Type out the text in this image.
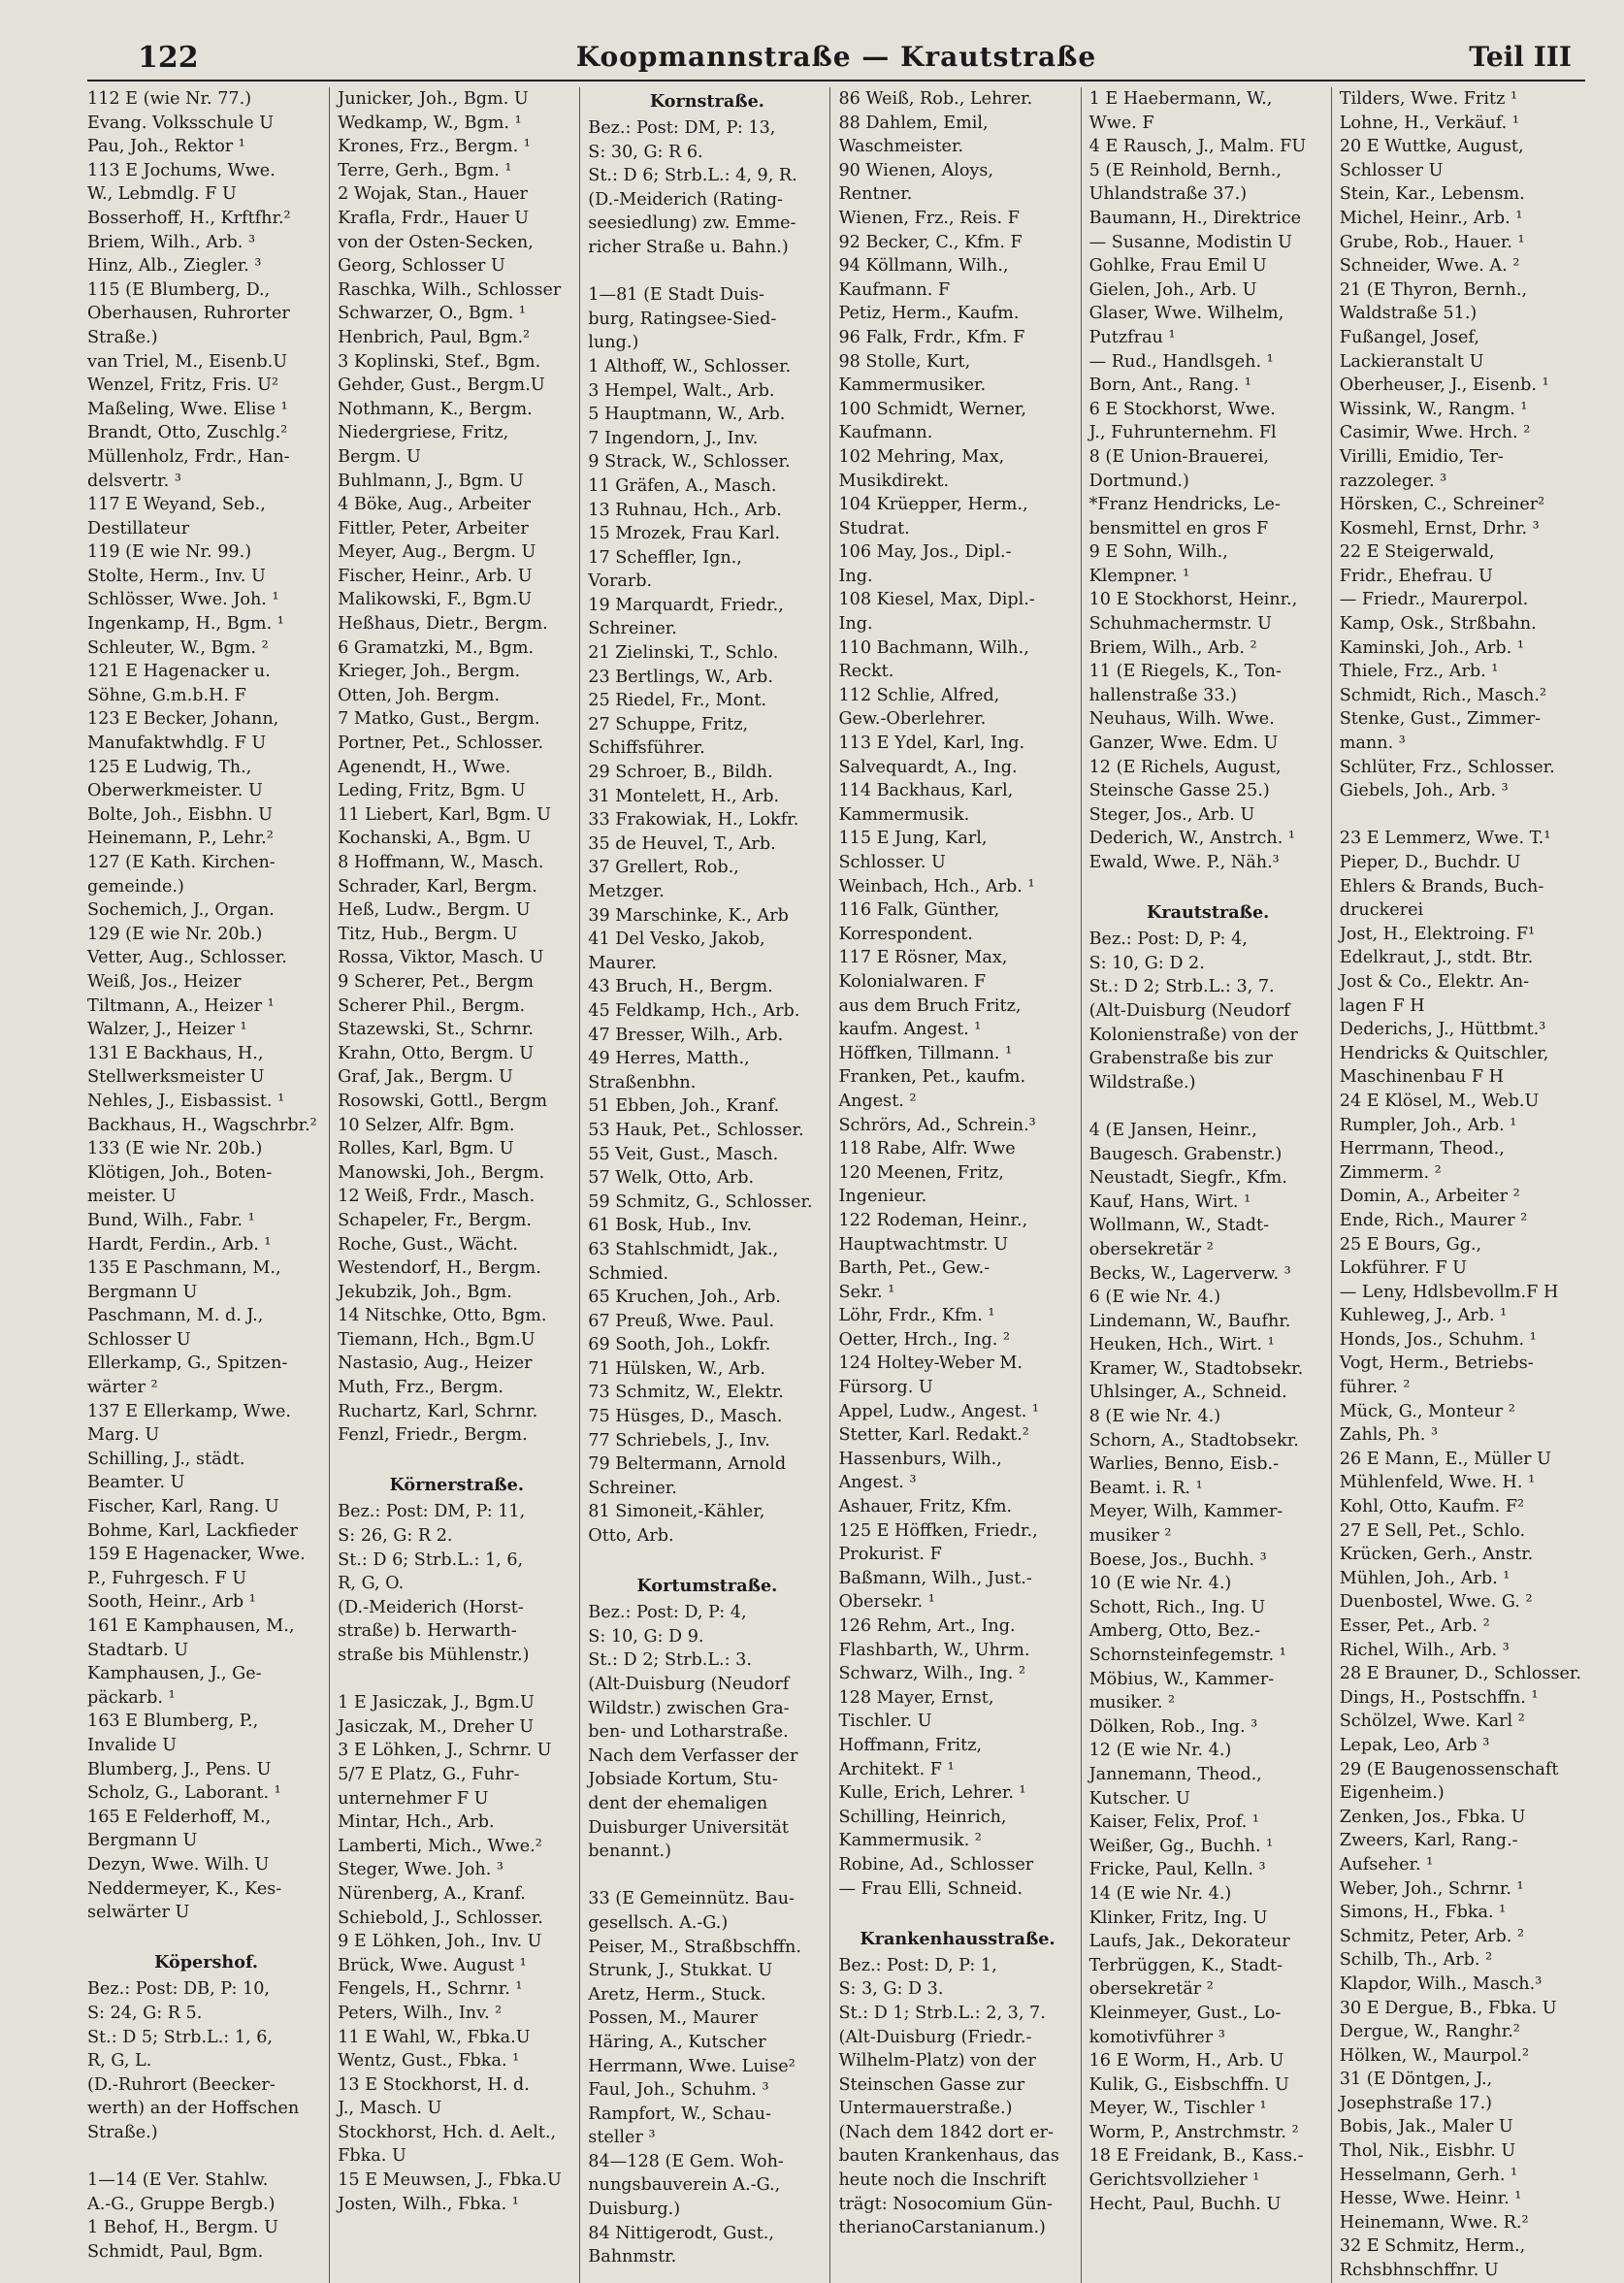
122	Koopmannstraße — Krautstraße	Teil III
112 E (wie Nr. 77.)
Evang. Volksschule U
Pau, Joh., Rektor ¹
113 E Jochums, Wwe.
W., Lebmdlg. F U
Bosserhoff, H., Krftfhr.²
Briem, Wilh., Arb. ³
Hinz, Alb., Ziegler. ³
115 (E Blumberg, D.,
Oberhausen, Ruhrorter
Straße.)
van Triel, M., Eisenb.U
Wenzel, Fritz, Fris. U²
Maßeling, Wwe. Elise ¹
Brandt, Otto, Zuschlg.²
Müllenholz, Frdr., Han-
delsvertr. ³
117 E Weyand, Seb.,
Destillateur
119 (E wie Nr. 99.)
Stolte, Herm., Inv. U
Schlösser, Wwe. Joh. ¹
Ingenkamp, H., Bgm. ¹
Schleuter, W., Bgm. ²
121 E Hagenacker u.
Söhne, G.m.b.H. F
123 E Becker, Johann,
Manufaktwhdlg. F U
125 E Ludwig, Th.,
Oberwerkmeister. U
Bolte, Joh., Eisbhn. U
Heinemann, P., Lehr.²
127 (E Kath. Kirchen-
gemeinde.)
Sochemich, J., Organ.
129 (E wie Nr. 20b.)
Vetter, Aug., Schlosser.
Weiß, Jos., Heizer
Tiltmann, A., Heizer ¹
Walzer, J., Heizer ¹
131 E Backhaus, H.,
Stellwerksmeister U
Nehles, J., Eisbassist. ¹
Backhaus, H., Wagschrbr.²
133 (E wie Nr. 20b.)
Klötigen, Joh., Boten-
meister. U
Bund, Wilh., Fabr. ¹
Hardt, Ferdin., Arb. ¹
135 E Paschmann, M.,
Bergmann U
Paschmann, M. d. J.,
Schlosser U
Ellerkamp, G., Spitzen-
wärter ²
137 E Ellerkamp, Wwe.
Marg. U
Schilling, J., städt.
Beamter. U
Fischer, Karl, Rang. U
Bohme, Karl, Lackfieder
159 E Hagenacker, Wwe.
P., Fuhrgesch. F U
Sooth, Heinr., Arb ¹
161 E Kamphausen, M.,
Stadtarb. U
Kamphausen, J., Ge-
päckarb. ¹
163 E Blumberg, P.,
Invalide U
Blumberg, J., Pens. U
Scholz, G., Laborant. ¹
165 E Felderhoff, M.,
Bergmann U
Dezyn, Wwe. Wilh. U
Neddermeyer, K., Kes-
selwärter U

Köpershof.
Bez.: Post: DB, P: 10,
S: 24, G: R 5.
St.: D 5; Strb.L.: 1, 6,
R, G, L.
(D.-Ruhrort (Beecker-
werth) an der Hoffschen
Straße.)

1—14 (E Ver. Stahlw.
A.-G., Gruppe Bergb.)
1 Behof, H., Bergm. U
Schmidt, Paul, Bgm.
Junicker, Joh., Bgm. U
Wedkamp, W., Bgm. ¹
Krones, Frz., Bergm. ¹
Terre, Gerh., Bgm. ¹
2 Wojak, Stan., Hauer
Krafla, Frdr., Hauer U
von der Osten-Secken,
Georg, Schlosser U
Raschka, Wilh., Schlosser
Schwarzer, O., Bgm. ¹
Henbrich, Paul, Bgm.²
3 Koplinski, Stef., Bgm.
Gehder, Gust., Bergm.U
Nothmann, K., Bergm.
Niedergriese, Fritz,
Bergm. U
Buhlmann, J., Bgm. U
4 Böke, Aug., Arbeiter
Fittler, Peter, Arbeiter
Meyer, Aug., Bergm. U
Fischer, Heinr., Arb. U
Malikowski, F., Bgm.U
Heßhaus, Dietr., Bergm.
6 Gramatzki, M., Bgm.
Krieger, Joh., Bergm.
Otten, Joh. Bergm.
7 Matko, Gust., Bergm.
Portner, Pet., Schlosser.
Agenendt, H., Wwe.
Leding, Fritz, Bgm. U
11 Liebert, Karl, Bgm. U
Kochanski, A., Bgm. U
8 Hoffmann, W., Masch.
Schrader, Karl, Bergm.
Heß, Ludw., Bergm. U
Titz, Hub., Bergm. U
Rossa, Viktor, Masch. U
9 Scherer, Pet., Bergm
Scherer Phil., Bergm.
Stazewski, St., Schrnr.
Krahn, Otto, Bergm. U
Graf, Jak., Bergm. U
Rosowski, Gottl., Bergm
10 Selzer, Alfr. Bgm.
Rolles, Karl, Bgm. U
Manowski, Joh., Bergm.
12 Weiß, Frdr., Masch.
Schapeler, Fr., Bergm.
Roche, Gust., Wächt.
Westendorf, H., Bergm.
Jekubzik, Joh., Bgm.
14 Nitschke, Otto, Bgm.
Tiemann, Hch., Bgm.U
Nastasio, Aug., Heizer
Muth, Frz., Bergm.
Ruchartz, Karl, Schrnr.
Fenzl, Friedr., Bergm.

Körnerstraße.
Bez.: Post: DM, P: 11,
S: 26, G: R 2.
St.: D 6; Strb.L.: 1, 6,
R, G, O.
(D.-Meiderich (Horst-
straße) b. Herwarth-
straße bis Mühlenstr.)

1 E Jasiczak, J., Bgm.U
Jasiczak, M., Dreher U
3 E Löhken, J., Schrnr. U
5/7 E Platz, G., Fuhr-
unternehmer F U
Mintar, Hch., Arb.
Lamberti, Mich., Wwe.²
Steger, Wwe. Joh. ³
Nürenberg, A., Kranf.
Schiebold, J., Schlosser.
9 E Löhken, Joh., Inv. U
Brück, Wwe. August ¹
Fengels, H., Schrnr. ¹
Peters, Wilh., Inv. ²
11 E Wahl, W., Fbka.U
Wentz, Gust., Fbka. ¹
13 E Stockhorst, H. d.
J., Masch. U
Stockhorst, Hch. d. Aelt.,
Fbka. U
15 E Meuwsen, J., Fbka.U
Josten, Wilh., Fbka. ¹
Kornstraße.
Bez.: Post: DM, P: 13,
S: 30, G: R 6.
St.: D 6; Strb.L.: 4, 9, R.
(D.-Meiderich (Rating-
seesiedlung) zw. Emme-
richer Straße u. Bahn.)

1—81 (E Stadt Duis-
burg, Ratingsee-Sied-
lung.)
1 Althoff, W., Schlosser.
3 Hempel, Walt., Arb.
5 Hauptmann, W., Arb.
7 Ingendorn, J., Inv.
9 Strack, W., Schlosser.
11 Gräfen, A., Masch.
13 Ruhnau, Hch., Arb.
15 Mrozek, Frau Karl.
17 Scheffler, Ign.,
Vorarb.
19 Marquardt, Friedr.,
Schreiner.
21 Zielinski, T., Schlo.
23 Bertlings, W., Arb.
25 Riedel, Fr., Mont.
27 Schuppe, Fritz,
Schiffsführer.
29 Schroer, B., Bildh.
31 Montelett, H., Arb.
33 Frakowiak, H., Lokfr.
35 de Heuvel, T., Arb.
37 Grellert, Rob.,
Metzger.
39 Marschinke, K., Arb
41 Del Vesko, Jakob,
Maurer.
43 Bruch, H., Bergm.
45 Feldkamp, Hch., Arb.
47 Bresser, Wilh., Arb.
49 Herres, Matth.,
Straßenbhn.
51 Ebben, Joh., Kranf.
53 Hauk, Pet., Schlosser.
55 Veit, Gust., Masch.
57 Welk, Otto, Arb.
59 Schmitz, G., Schlosser.
61 Bosk, Hub., Inv.
63 Stahlschmidt, Jak.,
Schmied.
65 Kruchen, Joh., Arb.
67 Preuß, Wwe. Paul.
69 Sooth, Joh., Lokfr.
71 Hülsken, W., Arb.
73 Schmitz, W., Elektr.
75 Hüsges, D., Masch.
77 Schriebels, J., Inv.
79 Beltermann, Arnold
Schreiner.
81 Simoneit,-Kähler,
Otto, Arb.

Kortumstraße.
Bez.: Post: D, P: 4,
S: 10, G: D 9.
St.: D 2; Strb.L.: 3.
(Alt-Duisburg (Neudorf
Wildstr.) zwischen Gra-
ben- und Lotharstraße.
Nach dem Verfasser der
Jobsiade Kortum, Stu-
dent der ehemaligen
Duisburger Universität
benannt.)

33 (E Gemeinnütz. Bau-
gesellsch. A.-G.)
Peiser, M., Straßbschffn.
Strunk, J., Stukkat. U
Aretz, Herm., Stuck.
Possen, M., Maurer
Häring, A., Kutscher
Herrmann, Wwe. Luise²
Faul, Joh., Schuhm. ³
Rampfort, W., Schau-
steller ³
84—128 (E Gem. Woh-
nungsbauverein A.-G.,
Duisburg.)
84 Nittigerodt, Gust.,
Bahnmstr.
86 Weiß, Rob., Lehrer.
88 Dahlem, Emil,
Waschmeister.
90 Wienen, Aloys,
Rentner.
Wienen, Frz., Reis. F
92 Becker, C., Kfm. F
94 Köllmann, Wilh.,
Kaufmann. F
Petiz, Herm., Kaufm.
96 Falk, Frdr., Kfm. F
98 Stolle, Kurt,
Kammermusiker.
100 Schmidt, Werner,
Kaufmann.
102 Mehring, Max,
Musikdirekt.
104 Krüepper, Herm.,
Studrat.
106 May, Jos., Dipl.-
Ing.
108 Kiesel, Max, Dipl.-
Ing.
110 Bachmann, Wilh.,
Reckt.
112 Schlie, Alfred,
Gew.-Oberlehrer.
113 E Ydel, Karl, Ing.
Salvequardt, A., Ing.
114 Backhaus, Karl,
Kammermusik.
115 E Jung, Karl,
Schlosser. U
Weinbach, Hch., Arb. ¹
116 Falk, Günther,
Korrespondent.
117 E Rösner, Max,
Kolonialwaren. F
aus dem Bruch Fritz,
kaufm. Angest. ¹
Höffken, Tillmann. ¹
Franken, Pet., kaufm.
Angest. ²
Schrörs, Ad., Schrein.³
118 Rabe, Alfr. Wwe
120 Meenen, Fritz,
Ingenieur.
122 Rodeman, Heinr.,
Hauptwachtmstr. U
Barth, Pet., Gew.-
Sekr. ¹
Löhr, Frdr., Kfm. ¹
Oetter, Hrch., Ing. ²
124 Holtey-Weber M.
Fürsorg. U
Appel, Ludw., Angest. ¹
Stetter, Karl. Redakt.²
Hassenburs, Wilh.,
Angest. ³
Ashauer, Fritz, Kfm.
125 E Höffken, Friedr.,
Prokurist. F
Baßmann, Wilh., Just.-
Obersekr. ¹
126 Rehm, Art., Ing.
Flashbarth, W., Uhrm.
Schwarz, Wilh., Ing. ²
128 Mayer, Ernst,
Tischler. U
Hoffmann, Fritz,
Architekt. F ¹
Kulle, Erich, Lehrer. ¹
Schilling, Heinrich,
Kammermusik. ²
Robine, Ad., Schlosser
— Frau Elli, Schneid.

Krankenhausstraße.
Bez.: Post: D, P: 1,
S: 3, G: D 3.
St.: D 1; Strb.L.: 2, 3, 7.
(Alt-Duisburg (Friedr.-
Wilhelm-Platz) von der
Steinschen Gasse zur
Untermauerstraße.)
(Nach dem 1842 dort er-
bauten Krankenhaus, das
heute noch die Inschrift
trägt: Nosocomium Gün-
therianoCarstanianum.)
1 E Haebermann, W.,
Wwe. F
4 E Rausch, J., Malm. FU
5 (E Reinhold, Bernh.,
Uhlandstraße 37.)
Baumann, H., Direktrice
— Susanne, Modistin U
Gohlke, Frau Emil U
Gielen, Joh., Arb. U
Glaser, Wwe. Wilhelm,
Putzfrau ¹
— Rud., Handlsgeh. ¹
Born, Ant., Rang. ¹
6 E Stockhorst, Wwe.
J., Fuhrunternehm. Fl
8 (E Union-Brauerei,
Dortmund.)
*Franz Hendricks, Le-
bensmittel en gros F
9 E Sohn, Wilh.,
Klempner. ¹
10 E Stockhorst, Heinr.,
Schuhmachermstr. U
Briem, Wilh., Arb. ²
11 (E Riegels, K., Ton-
hallenstraße 33.)
Neuhaus, Wilh. Wwe.
Ganzer, Wwe. Edm. U
12 (E Richels, August,
Steinsche Gasse 25.)
Steger, Jos., Arb. U
Dederich, W., Anstrch. ¹
Ewald, Wwe. P., Näh.³

Krautstraße.
Bez.: Post: D, P: 4,
S: 10, G: D 2.
St.: D 2; Strb.L.: 3, 7.
(Alt-Duisburg (Neudorf
Kolonienstraße) von der
Grabenstraße bis zur
Wildstraße.)

4 (E Jansen, Heinr.,
Baugesch. Grabenstr.)
Neustadt, Siegfr., Kfm.
Kauf, Hans, Wirt. ¹
Wollmann, W., Stadt-
obersekretär ²
Becks, W., Lagerverw. ³
6 (E wie Nr. 4.)
Lindemann, W., Baufhr.
Heuken, Hch., Wirt. ¹
Kramer, W., Stadtobsekr.
Uhlsinger, A., Schneid.
8 (E wie Nr. 4.)
Schorn, A., Stadtobsekr.
Warlies, Benno, Eisb.-
Beamt. i. R. ¹
Meyer, Wilh, Kammer-
musiker ²
Boese, Jos., Buchh. ³
10 (E wie Nr. 4.)
Schott, Rich., Ing. U
Amberg, Otto, Bez.-
Schornsteinfegemstr. ¹
Möbius, W., Kammer-
musiker. ²
Dölken, Rob., Ing. ³
12 (E wie Nr. 4.)
Jannemann, Theod.,
Kutscher. U
Kaiser, Felix, Prof. ¹
Weißer, Gg., Buchh. ¹
Fricke, Paul, Kelln. ³
14 (E wie Nr. 4.)
Klinker, Fritz, Ing. U
Laufs, Jak., Dekorateur
Terbrüggen, K., Stadt-
obersekretär ²
Kleinmeyer, Gust., Lo-
komotivführer ³
16 E Worm, H., Arb. U
Kulik, G., Eisbschffn. U
Meyer, W., Tischler ¹
Worm, P., Anstrchmstr. ²
18 E Freidank, B., Kass.-
Gerichtsvollzieher ¹
Hecht, Paul, Buchh. U
Tilders, Wwe. Fritz ¹
Lohne, H., Verkäuf. ¹
20 E Wuttke, August,
Schlosser U
Stein, Kar., Lebensm.
Michel, Heinr., Arb. ¹
Grube, Rob., Hauer. ¹
Schneider, Wwe. A. ²
21 (E Thyron, Bernh.,
Waldstraße 51.)
Fußangel, Josef,
Lackieranstalt U
Oberheuser, J., Eisenb. ¹
Wissink, W., Rangm. ¹
Casimir, Wwe. Hrch. ²
Virilli, Emidio, Ter-
razzoleger. ³
Hörsken, C., Schreiner²
Kosmehl, Ernst, Drhr. ³
22 E Steigerwald,
Fridr., Ehefrau. U
— Friedr., Maurerpol.
Kamp, Osk., Strßbahn.
Kaminski, Joh., Arb. ¹
Thiele, Frz., Arb. ¹
Schmidt, Rich., Masch.²
Stenke, Gust., Zimmer-
mann. ³
Schlüter, Frz., Schlosser.
Giebels, Joh., Arb. ³

23 E Lemmerz, Wwe. T.¹
Pieper, D., Buchdr. U
Ehlers & Brands, Buch-
druckerei
Jost, H., Elektroing. F¹
Edelkraut, J., stdt. Btr.
Jost & Co., Elektr. An-
lagen F H
Dederichs, J., Hüttbmt.³
Hendricks & Quitschler,
Maschinenbau F H
24 E Klösel, M., Web.U
Rumpler, Joh., Arb. ¹
Herrmann, Theod.,
Zimmerm. ²
Domin, A., Arbeiter ²
Ende, Rich., Maurer ²
25 E Bours, Gg.,
Lokführer. F U
— Leny, Hdlsbevollm.F H
Kuhleweg, J., Arb. ¹
Honds, Jos., Schuhm. ¹
Vogt, Herm., Betriebs-
führer. ²
Mück, G., Monteur ²
Zahls, Ph. ³
26 E Mann, E., Müller U
Mühlenfeld, Wwe. H. ¹
Kohl, Otto, Kaufm. F²
27 E Sell, Pet., Schlo.
Krücken, Gerh., Anstr.
Mühlen, Joh., Arb. ¹
Duenbostel, Wwe. G. ²
Esser, Pet., Arb. ²
Richel, Wilh., Arb. ³
28 E Brauner, D., Schlosser.
Dings, H., Postschffn. ¹
Schölzel, Wwe. Karl ²
Lepak, Leo, Arb ³
29 (E Baugenossenschaft
Eigenheim.)
Zenken, Jos., Fbka. U
Zweers, Karl, Rang.-
Aufseher. ¹
Weber, Joh., Schrnr. ¹
Simons, H., Fbka. ¹
Schmitz, Peter, Arb. ²
Schilb, Th., Arb. ²
Klapdor, Wilh., Masch.³
30 E Dergue, B., Fbka. U
Dergue, W., Ranghr.²
Hölken, W., Maurpol.²
31 (E Döntgen, J.,
Josephstraße 17.)
Bobis, Jak., Maler U
Thol, Nik., Eisbhr. U
Hesselmann, Gerh. ¹
Hesse, Wwe. Heinr. ¹
Heinemann, Wwe. R.²
32 E Schmitz, Herm.,
Rchsbhnschffnr. U
